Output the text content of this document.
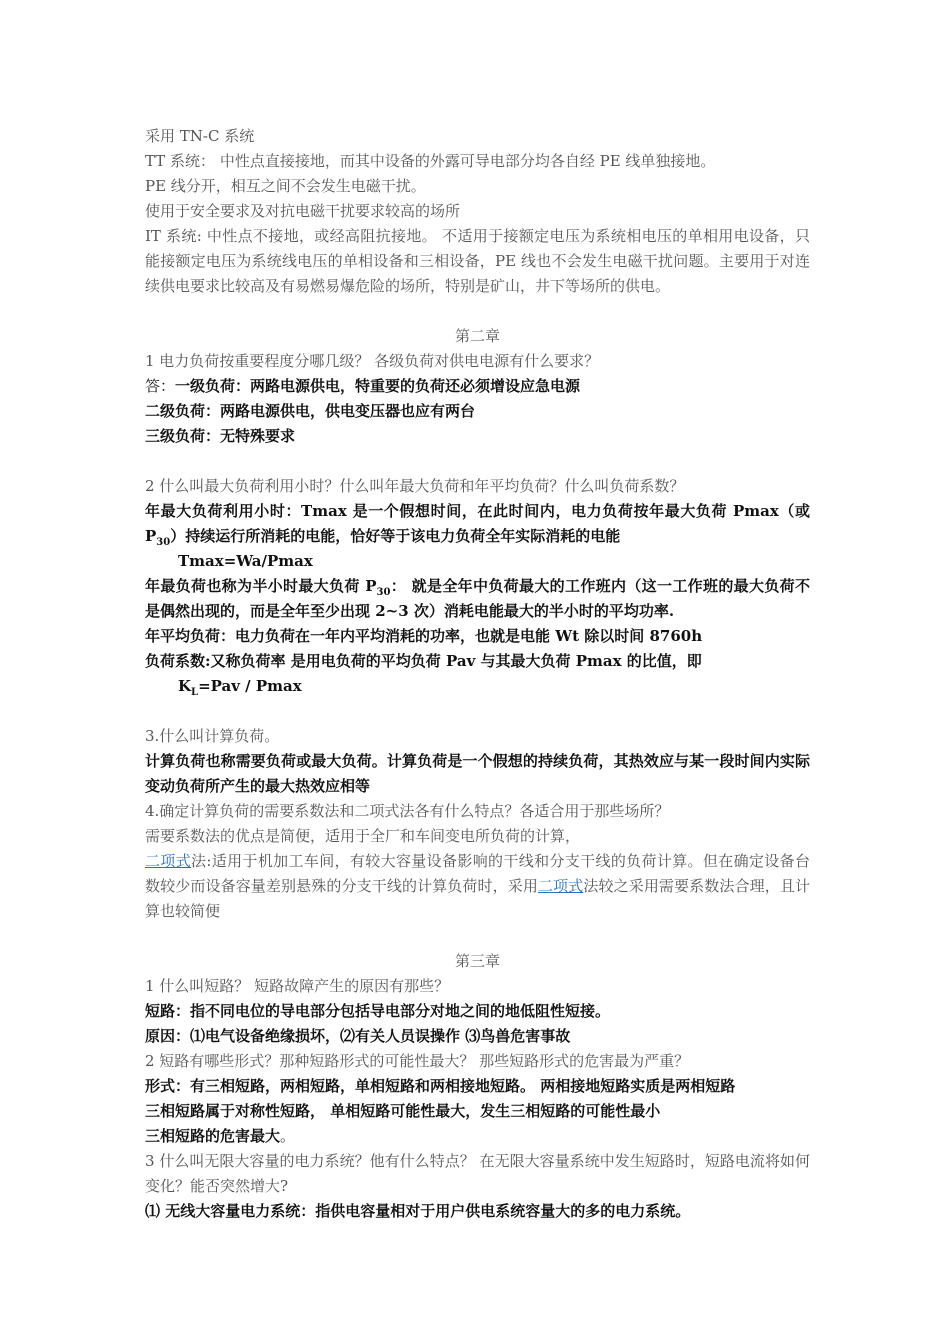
采用 TN-C 系统
TT 系统： 中性点直接接地，而其中设备的外露可导电部分均各自经 PE 线单独接地。
PE 线分开，相互之间不会发生电磁干扰。
使用于安全要求及对抗电磁干扰要求较高的场所
IT 系统: 中性点不接地，或经高阻抗接地。 不适用于接额定电压为系统相电压的单相用电设备，只能接额定电压为系统线电压的单相设备和三相设备，PE 线也不会发生电磁干扰问题。主要用于对连续供电要求比较高及有易燃易爆危险的场所，特别是矿山，井下等场所的供电。
第二章
1 电力负荷按重要程度分哪几级？ 各级负荷对供电电源有什么要求？
答：一级负荷：两路电源供电，特重要的负荷还必须增设应急电源
二级负荷：两路电源供电，供电变压器也应有两台
三级负荷：无特殊要求
2 什么叫最大负荷利用小时？什么叫年最大负荷和年平均负荷？什么叫负荷系数？
年最大负荷利用小时：Tmax 是一个假想时间，在此时间内，电力负荷按年最大负荷 Pmax（或 $P_{30}$）持续运行所消耗的电能，恰好等于该电力负荷全年实际消耗的电能
Tmax=Wa/Pmax
年最负荷也称为半小时最大负荷 $P_{30}$： 就是全年中负荷最大的工作班内（这一工作班的最大负荷不是偶然出现的，而是全年至少出现 2~3 次）消耗电能最大的半小时的平均功率.
年平均负荷：电力负荷在一年内平均消耗的功率，也就是电能 Wt 除以时间 8760h
负荷系数:又称负荷率 是用电负荷的平均负荷 Pav 与其最大负荷 Pmax 的比值，即
$K_L=Pav / Pmax$
3.什么叫计算负荷。
计算负荷也称需要负荷或最大负荷。计算负荷是一个假想的持续负荷，其热效应与某一段时间内实际变动负荷所产生的最大热效应相等
4.确定计算负荷的需要系数法和二项式法各有什么特点？各适合用于那些场所？
需要系数法的优点是简便，适用于全厂和车间变电所负荷的计算，
二项式法:适用于机加工车间，有较大容量设备影响的干线和分支干线的负荷计算。但在确定设备台数较少而设备容量差别悬殊的分支干线的计算负荷时，采用二项式法较之采用需要系数法合理，且计算也较简便
第三章
1 什么叫短路？ 短路故障产生的原因有那些？
短路：指不同电位的导电部分包括导电部分对地之间的地低阻性短接。
原因：⑴电气设备绝缘损坏，⑵有关人员误操作 ⑶鸟兽危害事故
2 短路有哪些形式？那种短路形式的可能性最大？ 那些短路形式的危害最为严重？
形式：有三相短路，两相短路，单相短路和两相接地短路。 两相接地短路实质是两相短路
三相短路属于对称性短路， 单相短路可能性最大，发生三相短路的可能性最小
三相短路的危害最大。
3 什么叫无限大容量的电力系统？他有什么特点？ 在无限大容量系统中发生短路时，短路电流将如何变化？能否突然增大?
⑴ 无线大容量电力系统：指供电容量相对于用户供电系统容量大的多的电力系统。
